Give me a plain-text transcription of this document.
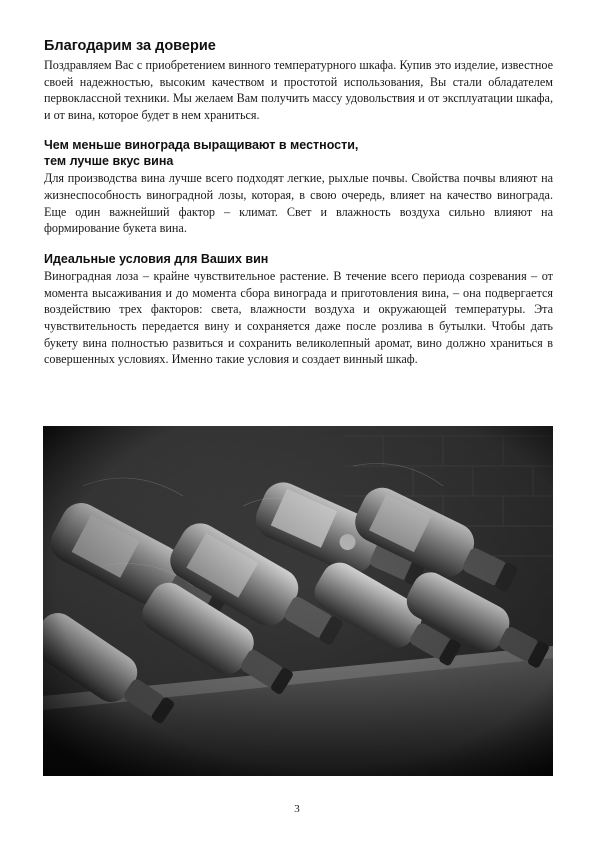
Благодарим за доверие

Поздравляем Вас с приобретением винного температурного шкафа. Купив это изделие, известное своей надежностью, высоким качеством и простотой использования, Вы стали обладателем первоклассной техники. Мы желаем Вам получить массу удовольствия и от эксплуатации шкафа, и от вина, которое будет в нем храниться.

Чем меньше винограда выращивают в местности,
тем лучше вкус вина

Для производства вина лучше всего подходят легкие, рыхлые почвы. Свойства почвы влияют на жизнеспособность виноградной лозы, которая, в свою очередь, влияет на качество винограда. Еще один важнейший фактор – климат. Свет и влажность воздуха сильно влияют на формирование букета вина.

Идеальные условия для Ваших вин

Виноградная лоза – крайне чувствительное растение. В течение всего периода созревания – от момента высаживания и до момента сбора винограда и приготовления вина, – она подвергается воздействию трех факторов: света, влажности воздуха и окружающей температуры. Эта чувствительность передается вину и сохраняется даже после розлива в бутылки. Чтобы дать букету вина полностью развиться и сохранить великолепный аромат, вино должно храниться в совершенных условиях. Именно такие условия и создает винный шкаф.

3
